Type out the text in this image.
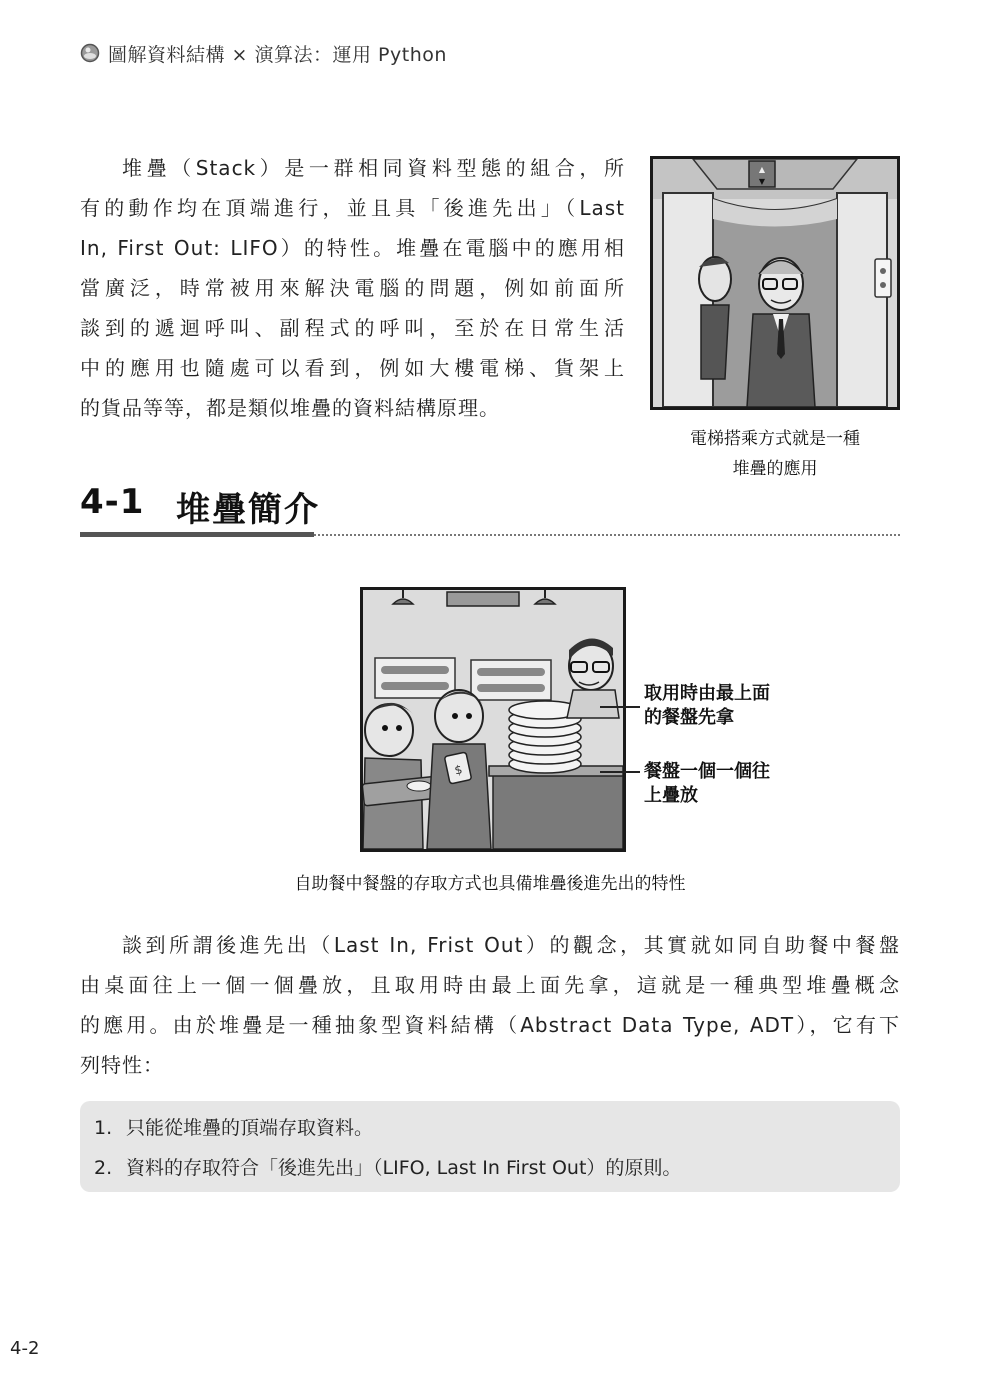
圖解資料結構 × 演算法：運用 Python
堆疊（Stack）是一群相同資料型態的組合，所
有的動作均在頂端進行，並且具「後進先出」（Last
In, First Out: LIFO）的特性。堆疊在電腦中的應用相
當廣泛，時常被用來解決電腦的問題，例如前面所
談到的遞迴呼叫、副程式的呼叫，至於在日常生活
中的應用也隨處可以看到，例如大樓電梯、貨架上
的貨品等等，都是類似堆疊的資料結構原理。
▲
▼
電梯搭乘方式就是一種
堆疊的應用
4-1 堆疊簡介
$
取用時由最上面
的餐盤先拿
餐盤一個一個往
上疊放
自助餐中餐盤的存取方式也具備堆疊後進先出的特性
談到所謂後進先出（Last In, Frist Out）的觀念，其實就如同自助餐中餐盤
由桌面往上一個一個疊放，且取用時由最上面先拿，這就是一種典型堆疊概念
的應用。由於堆疊是一種抽象型資料結構（Abstract Data Type, ADT），它有下
列特性：
1. 只能從堆疊的頂端存取資料。
2. 資料的存取符合「後進先出」（LIFO, Last In First Out）的原則。
4-2
